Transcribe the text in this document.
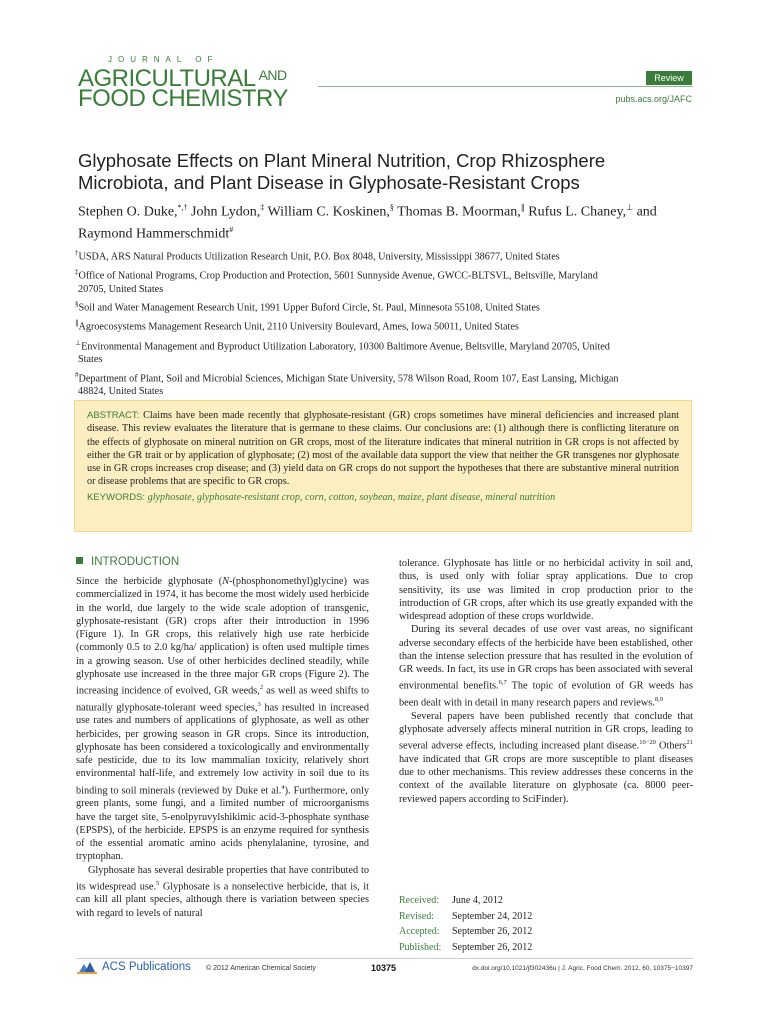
JOURNAL OF
AGRICULTURAL $^{AND}$
FOOD CHEMISTRY
Review
pubs.acs.org/JAFC
Glyphosate Effects on Plant Mineral Nutrition, Crop Rhizosphere Microbiota, and Plant Disease in Glyphosate-Resistant Crops
Stephen O. Duke,*,† John Lydon,‡ William C. Koskinen,§ Thomas B. Moorman,∥ Rufus L. Chaney,⊥ and Raymond Hammerschmidt#
†USDA, ARS Natural Products Utilization Research Unit, P.O. Box 8048, University, Mississippi 38677, United States
‡Office of National Programs, Crop Production and Protection, 5601 Sunnyside Avenue, GWCC-BLTSVL, Beltsville, Maryland
20705, United States
§Soil and Water Management Research Unit, 1991 Upper Buford Circle, St. Paul, Minnesota 55108, United States
∥Agroecosystems Management Research Unit, 2110 University Boulevard, Ames, Iowa 50011, United States
⊥Environmental Management and Byproduct Utilization Laboratory, 10300 Baltimore Avenue, Beltsville, Maryland 20705, United
States
#Department of Plant, Soil and Microbial Sciences, Michigan State University, 578 Wilson Road, Room 107, East Lansing, Michigan
48824, United States
ABSTRACT: Claims have been made recently that glyphosate-resistant (GR) crops sometimes have mineral deficiencies and increased plant disease. This review evaluates the literature that is germane to these claims. Our conclusions are: (1) although there is conflicting literature on the effects of glyphosate on mineral nutrition on GR crops, most of the literature indicates that mineral nutrition in GR crops is not affected by either the GR trait or by application of glyphosate; (2) most of the available data support the view that neither the GR transgenes nor glyphosate use in GR crops increases crop disease; and (3) yield data on GR crops do not support the hypotheses that there are substantive mineral nutrition or disease problems that are specific to GR crops.
KEYWORDS: glyphosate, glyphosate-resistant crop, corn, cotton, soybean, maize, plant disease, mineral nutrition
INTRODUCTION

Since the herbicide glyphosate (N-(phosphonomethyl)glycine) was commercialized in 1974, it has become the most widely used herbicide in the world, due largely to the wide scale adoption of transgenic, glyphosate-resistant (GR) crops after their introduction in 1996 (Figure 1). In GR crops, this relatively high use rate herbicide (commonly 0.5 to 2.0 kg/ha/ application) is often used multiple times in a growing season. Use of other herbicides declined steadily, while glyphosate use increased in the three major GR crops (Figure 2). The increasing incidence of evolved, GR weeds,$^2$ as well as weed shifts to naturally glyphosate-tolerant weed species,$^3$ has resulted in increased use rates and numbers of applications of glyphosate, as well as other herbicides, per growing season in GR crops. Since its introduction, glyphosate has been considered a toxicologically and environmentally safe pesticide, due to its low mammalian toxicity, relatively short environmental half-life, and extremely low activity in soil due to its binding to soil minerals (reviewed by Duke et al.$^4$). Furthermore, only green plants, some fungi, and a limited number of microorganisms have the target site, 5-enolpyruvylshikimic acid-3-phosphate synthase (EPSPS), of the herbicide. EPSPS is an enzyme required for synthesis of the essential aromatic amino acids phenylalanine, tyrosine, and tryptophan.

Glyphosate has several desirable properties that have contributed to its widespread use.$^5$ Glyphosate is a nonselective herbicide, that is, it can kill all plant species, although there is variation between species with regard to levels of natural

tolerance. Glyphosate has little or no herbicidal activity in soil and, thus, is used only with foliar spray applications. Due to crop sensitivity, its use was limited in crop production prior to the introduction of GR crops, after which its use greatly expanded with the widespread adoption of these crops worldwide.

During its several decades of use over vast areas, no significant adverse secondary effects of the herbicide have been established, other than the intense selection pressure that has resulted in the evolution of GR weeds. In fact, its use in GR crops has been associated with several environmental benefits.$^{6,7}$ The topic of evolution of GR weeds has been dealt with in detail in many research papers and reviews.$^{8,9}$

Several papers have been published recently that conclude that glyphosate adversely affects mineral nutrition in GR crops, leading to several adverse effects, including increased plant disease.$^{10-20}$ Others$^{21}$ have indicated that GR crops are more susceptible to plant diseases due to other mechanisms. This review addresses these concerns in the context of the available literature on glyphosate (ca. 8000 peer-reviewed papers according to SciFinder).

Received: June 4, 2012
Revised: September 24, 2012
Accepted: September 26, 2012
Published: September 26, 2012
ACS Publications © 2012 American Chemical Society	10375	dx.doi.org/10.1021/jf302436u | J. Agric. Food Chem. 2012, 60, 10375−10397
